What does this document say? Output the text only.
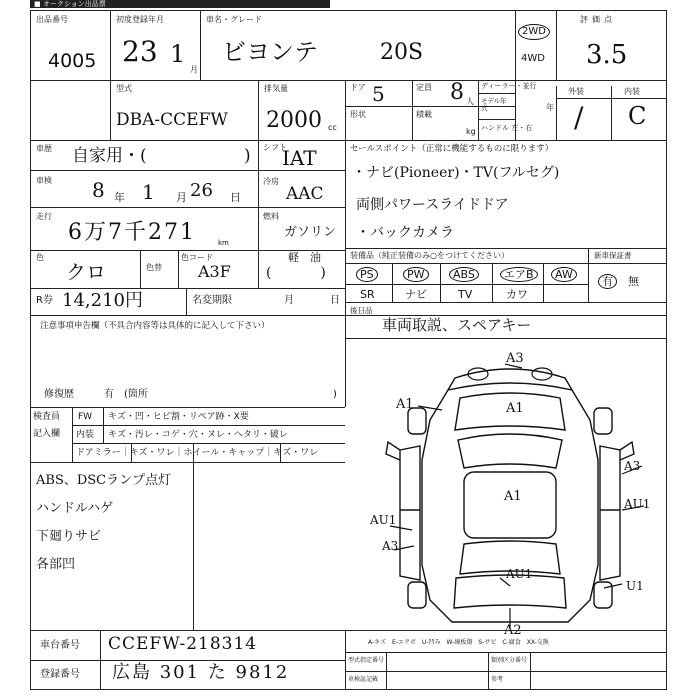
■ オークション出品票
出品番号
4005
初度登録年月
23 1
月
車名・グレード
ビヨンテ	20S
2WD
4WD
評価点
3.5
型式
DBA-CCEFW
排気量
2000 cc
ドア 5	定員 8 人
ディーラー・並行
モデル年式	年
ハンドル 左・右
形状	積載
kg
外装	内装
/ C
車歴 自家用・(	) シフト
IAT
車検 8 年 1 月 26 日
冷房
AAC
走行
6万7千271	km
燃料
ガソリン
軽　油
(           )
色
クロ	色替
色コード
A3F
R券 14,210円	名変期限	月	日
セールスポイント（正常に機能するものに限ります）
・ナビ(Pioneer)・TV(フルセグ)
両側パワースライドドア
・バックカメラ
装備品（純正装備のみ○をつけてください）	新車保証書
PS	PW	ABS	エアB	AW
SR	ナビ	TV	カワ
有	無
後日品
車両取説、スペアキー
注意事項申告欄（不具合内容等は具体的に記入して下さい）
修復歴	有 (箇所	)
検査員
記入欄
FW キズ・凹・ヒビ割・リペア跡・X要
内装 キズ・汚レ・コゲ・穴・ヌレ・ヘタリ・破レ
ドアミラー｜キズ・ワレ｜ホイール・キャップ｜キズ・ワレ
ABS、DSCランプ点灯
ハンドルハゲ
下廻りサビ
各部凹
A3
A1
A1
A1
A3
AU1
AU1
A3
AU1
U1
A2
車台番号 CCEFW-218314
登録番号 広島 301 た 9812
A-キズ　E-エクボ　U-凹み　W-線板傷　S-サビ　C-腐食　XX-交換
型式指定番号	類別区分番号
車検証記載	参考
